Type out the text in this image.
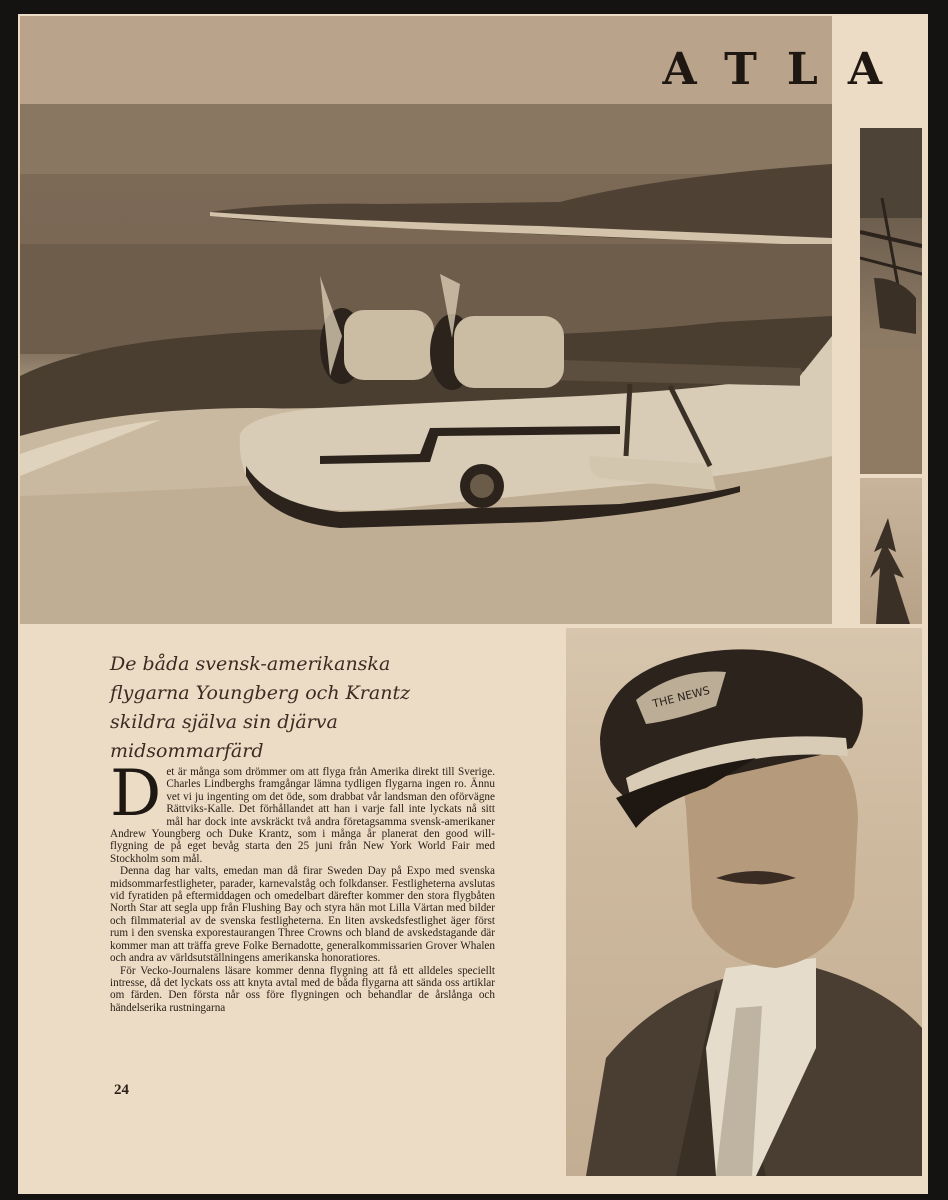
ATLA
De båda svensk-amerikanska flygarna Youngberg och Krantz skildra själva sin djärva midsommarfärd

Det är många som drömmer om att flyga från Amerika direkt till Sverige. Charles Lindberghs framgångar lämna tydligen flygarna ingen ro. Ännu vet vi ju ingenting om det öde, som drabbat vår landsman den oförvägne Rättviks-Kalle. Det förhållandet att han i varje fall inte lyckats nå sitt mål har dock inte avskräckt två andra företagsamma svensk-amerikaner Andrew Youngberg och Duke Krantz, som i många år planerat den good will-flygning de på eget bevåg starta den 25 juni från New York World Fair med Stockholm som mål.

Denna dag har valts, emedan man då firar Sweden Day på Expo med svenska midsommarfestligheter, parader, karnevalståg och folkdanser. Festligheterna avslutas vid fyratiden på eftermiddagen och omedelbart därefter kommer den stora flygbåten North Star att segla upp från Flushing Bay och styra hän mot Lilla Värtan med bilder och filmmaterial av de svenska festligheterna. En liten avskedsfestlighet äger först rum i den svenska exporestaurangen Three Crowns och bland de avskedstagande där kommer man att träffa greve Folke Bernadotte, generalkommissarien Grover Whalen och andra av världsutställningens amerikanska honoratiores.

För Vecko-Journalens läsare kommer denna flygning att få ett alldeles speciellt intresse, då det lyckats oss att knyta avtal med de båda flygarna att sända oss artiklar om färden. Den första når oss före flygningen och behandlar de årslånga och händelserika rustningarna

24
THE NEWS
